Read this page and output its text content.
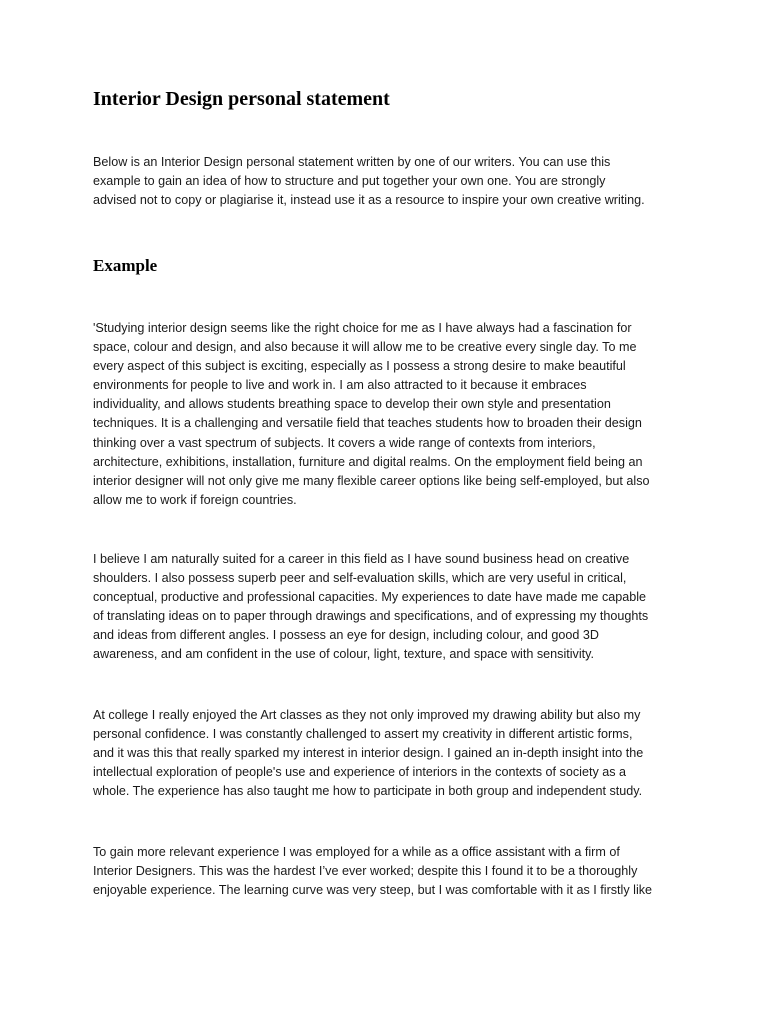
Interior Design personal statement

Below is an Interior Design personal statement written by one of our writers. You can use this
example to gain an idea of how to structure and put together your own one. You are strongly
advised not to copy or plagiarise it, instead use it as a resource to inspire your own creative writing.

Example

'Studying interior design seems like the right choice for me as I have always had a fascination for
space, colour and design, and also because it will allow me to be creative every single day. To me
every aspect of this subject is exciting, especially as I possess a strong desire to make beautiful
environments for people to live and work in. I am also attracted to it because it embraces
individuality, and allows students breathing space to develop their own style and presentation
techniques. It is a challenging and versatile field that teaches students how to broaden their design
thinking over a vast spectrum of subjects. It covers a wide range of contexts from interiors,
architecture, exhibitions, installation, furniture and digital realms. On the employment field being an
interior designer will not only give me many flexible career options like being self-employed, but also
allow me to work if foreign countries.

I believe I am naturally suited for a career in this field as I have sound business head on creative
shoulders. I also possess superb peer and self-evaluation skills, which are very useful in critical,
conceptual, productive and professional capacities. My experiences to date have made me capable
of translating ideas on to paper through drawings and specifications, and of expressing my thoughts
and ideas from different angles. I possess an eye for design, including colour, and good 3D
awareness, and am confident in the use of colour, light, texture, and space with sensitivity.

At college I really enjoyed the Art classes as they not only improved my drawing ability but also my
personal confidence. I was constantly challenged to assert my creativity in different artistic forms,
and it was this that really sparked my interest in interior design. I gained an in-depth insight into the
intellectual exploration of people's use and experience of interiors in the contexts of society as a
whole. The experience has also taught me how to participate in both group and independent study.

To gain more relevant experience I was employed for a while as a office assistant with a firm of
Interior Designers. This was the hardest I’ve ever worked; despite this I found it to be a thoroughly
enjoyable experience. The learning curve was very steep, but I was comfortable with it as I firstly like
